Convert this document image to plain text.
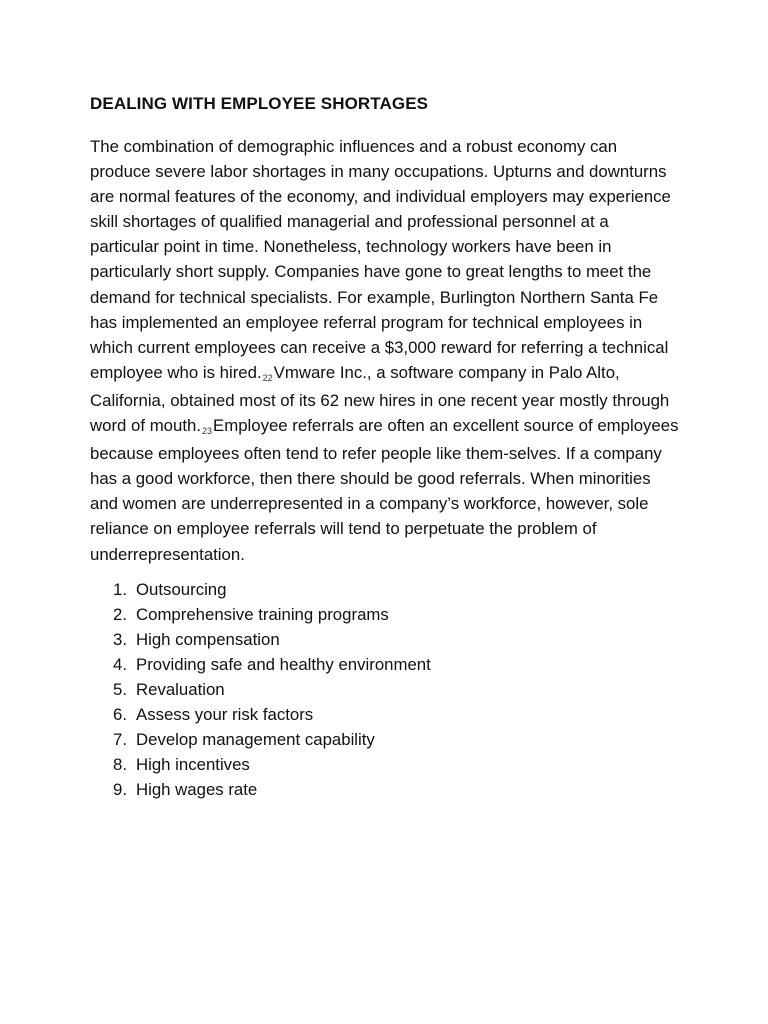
DEALING WITH EMPLOYEE SHORTAGES

The combination of demographic influences and a robust economy can produce severe labor shortages in many occupations. Upturns and downturns are normal features of the economy, and individual employers may experience skill shortages of qualified managerial and professional personnel at a particular point in time. Nonetheless, technology workers have been in particularly short supply. Companies have gone to great lengths to meet the demand for technical specialists. For example, Burlington Northern Santa Fe has implemented an employee referral program for technical employees in which current employees can receive a $3,000 reward for referring a technical employee who is hired.22Vmware Inc., a software company in Palo Alto, California, obtained most of its 62 new hires in one recent year mostly through word of mouth.23Employee referrals are often an excellent source of employees because employees often tend to refer people like them-selves. If a company has a good workforce, then there should be good referrals. When minorities and women are underrepresented in a company’s workforce, however, sole reliance on employee referrals will tend to perpetuate the problem of underrepresentation.

1. Outsourcing
2. Comprehensive training programs
3. High compensation
4. Providing safe and healthy environment
5. Revaluation
6. Assess your risk factors
7. Develop management capability
8. High incentives
9. High wages rate
